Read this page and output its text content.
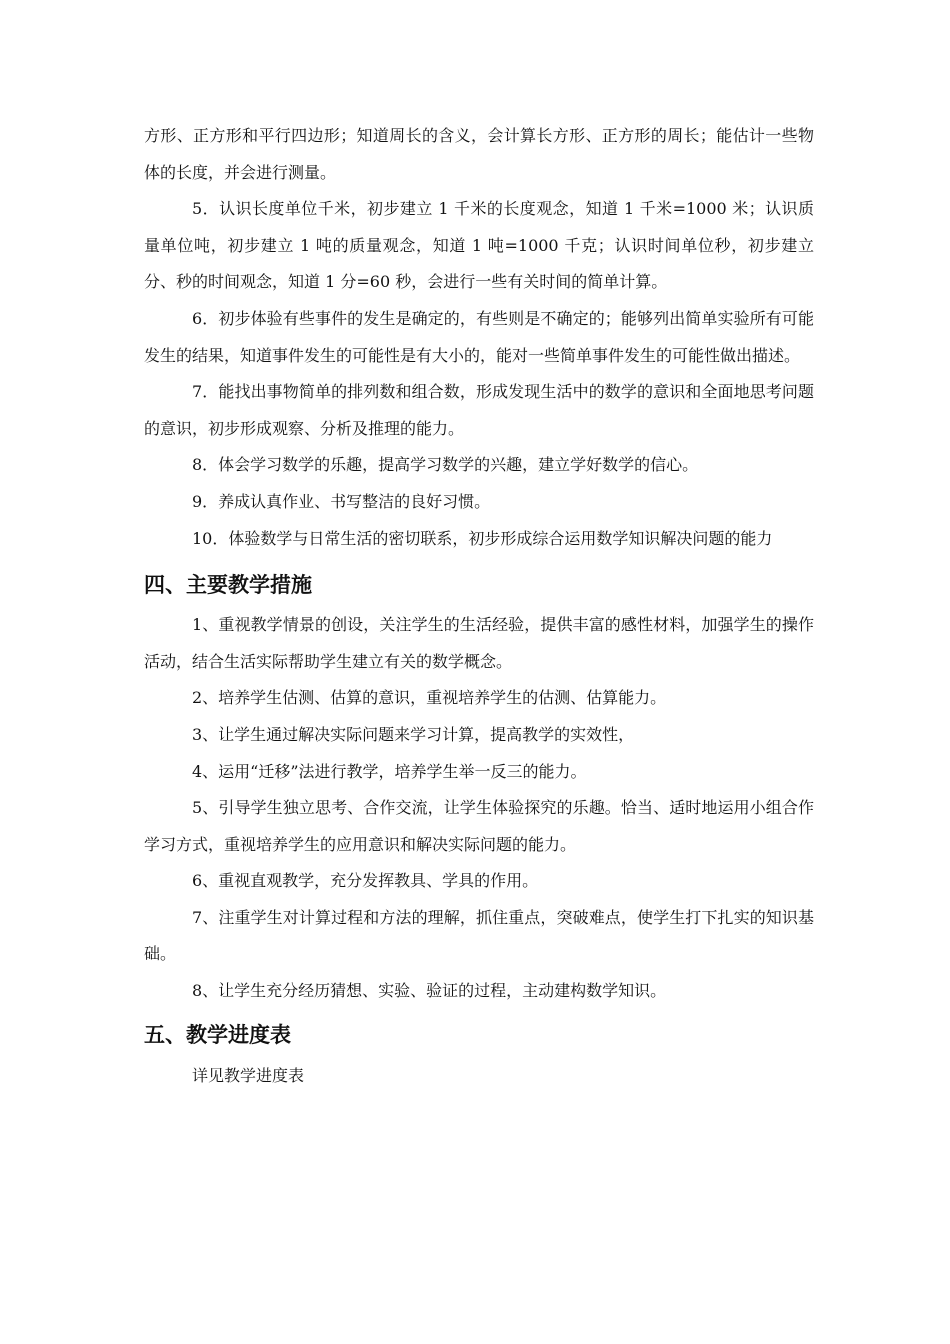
方形、正方形和平行四边形；知道周长的含义，会计算长方形、正方形的周长；能估计一些物体的长度，并会进行测量。

5．认识长度单位千米，初步建立 1 千米的长度观念，知道 1 千米=1000 米；认识质量单位吨，初步建立 1 吨的质量观念，知道 1 吨=1000 千克；认识时间单位秒，初步建立分、秒的时间观念，知道 1 分=60 秒，会进行一些有关时间的简单计算。

6．初步体验有些事件的发生是确定的，有些则是不确定的；能够列出简单实验所有可能发生的结果，知道事件发生的可能性是有大小的，能对一些简单事件发生的可能性做出描述。

7．能找出事物简单的排列数和组合数，形成发现生活中的数学的意识和全面地思考问题的意识，初步形成观察、分析及推理的能力。

8．体会学习数学的乐趣，提高学习数学的兴趣，建立学好数学的信心。

9．养成认真作业、书写整洁的良好习惯。

10．体验数学与日常生活的密切联系，初步形成综合运用数学知识解决问题的能力

四、主要教学措施

1、重视教学情景的创设，关注学生的生活经验，提供丰富的感性材料，加强学生的操作活动，结合生活实际帮助学生建立有关的数学概念。

2、培养学生估测、估算的意识，重视培养学生的估测、估算能力。

3、让学生通过解决实际问题来学习计算，提高教学的实效性，

4、运用“迁移”法进行教学，培养学生举一反三的能力。

5、引导学生独立思考、合作交流，让学生体验探究的乐趣。恰当、适时地运用小组合作学习方式，重视培养学生的应用意识和解决实际问题的能力。

6、重视直观教学，充分发挥教具、学具的作用。

7、注重学生对计算过程和方法的理解，抓住重点，突破难点，使学生打下扎实的知识基础。

8、让学生充分经历猜想、实验、验证的过程，主动建构数学知识。

五、教学进度表

详见教学进度表
